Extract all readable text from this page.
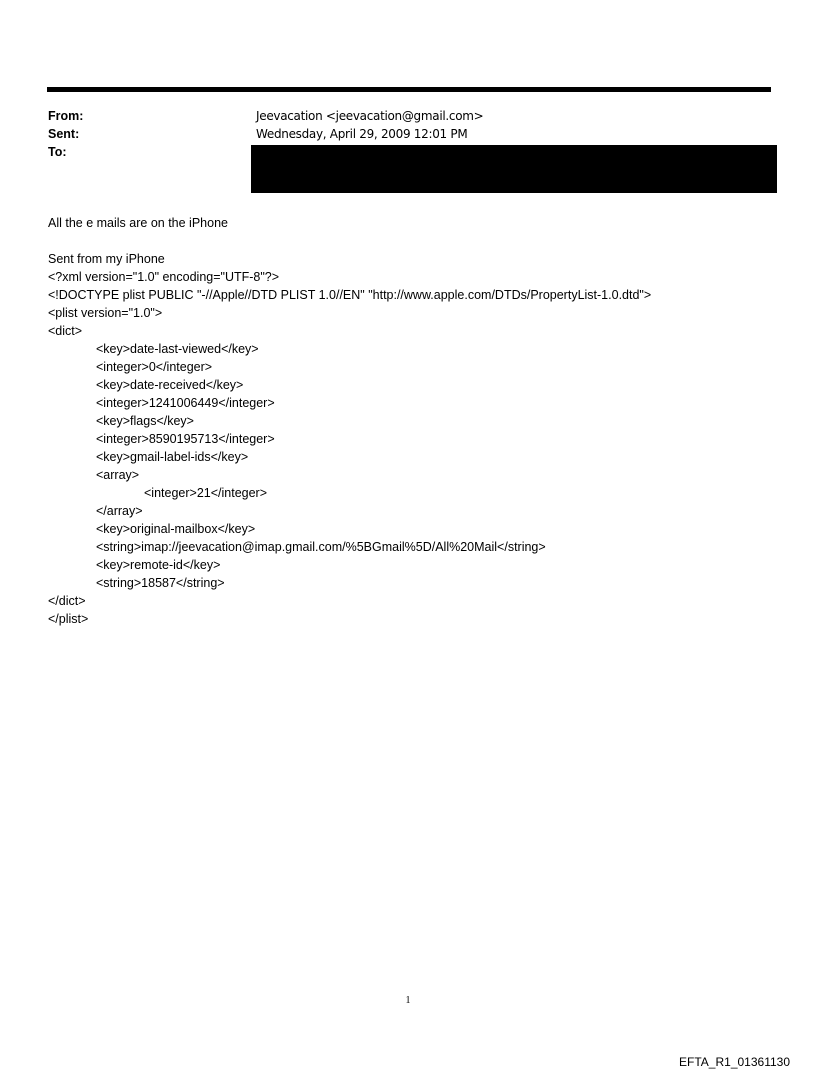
From:	Jeevacation <jeevacation@gmail.com>
Sent:	Wednesday, April 29, 2009 12:01 PM
To:
All the e mails are on the iPhone
Sent from my iPhone
<?xml version="1.0" encoding="UTF-8"?>
<!DOCTYPE plist PUBLIC "-//Apple//DTD PLIST 1.0//EN" "http://www.apple.com/DTDs/PropertyList-1.0.dtd">
<plist version="1.0">
<dict>
<key>date-last-viewed</key>
<integer>0</integer>
<key>date-received</key>
<integer>1241006449</integer>
<key>flags</key>
<integer>8590195713</integer>
<key>gmail-label-ids</key>
<array>
<integer>21</integer>
</array>
<key>original-mailbox</key>
<string>imap://jeevacation@imap.gmail.com/%5BGmail%5D/All%20Mail</string>
<key>remote-id</key>
<string>18587</string>
</dict>
</plist>
1
EFTA_R1_01361130
